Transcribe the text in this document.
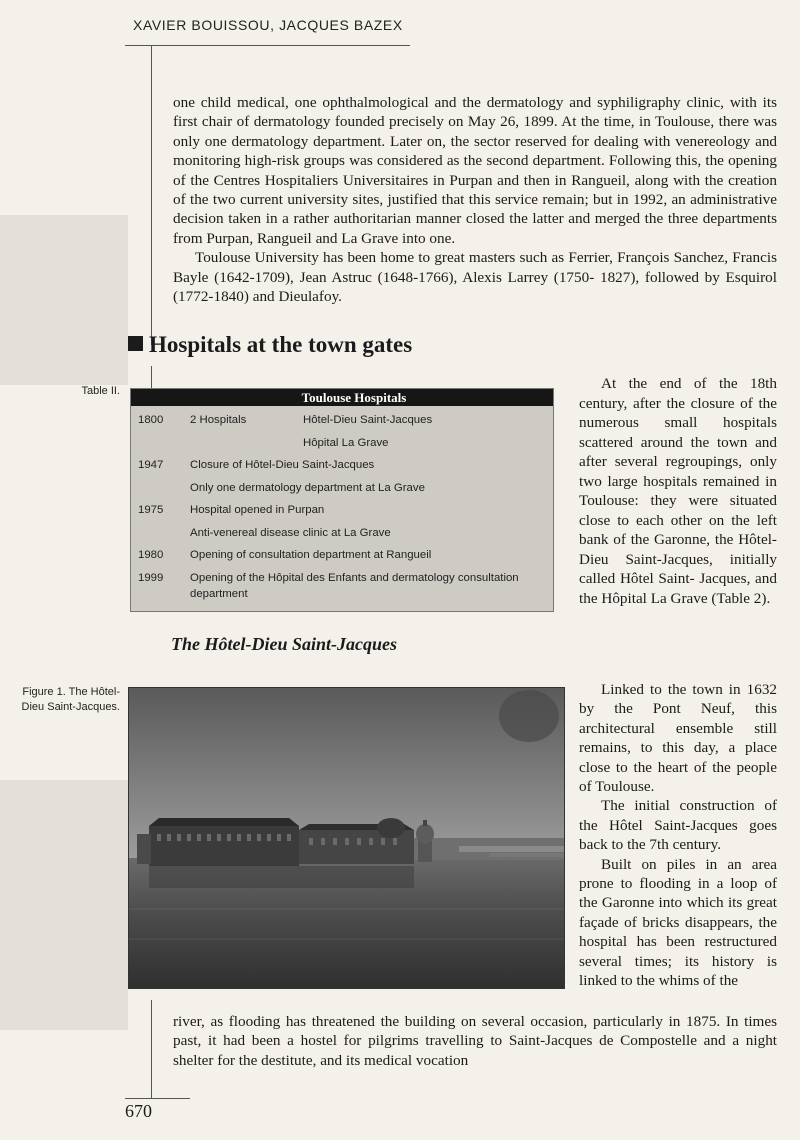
XAVIER BOUISSOU, JACQUES BAZEX

one child medical, one ophthalmological and the dermatology and syphiligraphy clinic, with its first chair of dermatology founded precisely on May 26, 1899. At the time, in Toulouse, there was only one dermatology department. Later on, the sector reserved for dealing with venereology and monitoring high-risk groups was considered as the second department. Following this, the opening of the Centres Hospitaliers Universitaires in Purpan and then in Rangueil, along with the creation of the two current university sites, justified that this service remain; but in 1992, an administrative decision taken in a rather authoritarian manner closed the latter and merged the three departments from Purpan, Rangueil and La Grave into one.

Toulouse University has been home to great masters such as Ferrier, François Sanchez, Francis Bayle (1642-1709), Jean Astruc (1648-1766), Alexis Larrey (1750- 1827), followed by Esquirol (1772-1840) and Dieulafoy.

Hospitals at the town gates
Table II.	Toulouse Hospitals
1800 2 Hospitals	Hôtel-Dieu Saint-Jacques
Hôpital La Grave
1947 Closure of Hôtel-Dieu Saint-Jacques
Only one dermatology department at La Grave
1975 Hospital opened in Purpan
Anti-venereal disease clinic at La Grave
1980 Opening of consultation department at Rangueil
1999 Opening of the Hôpital des Enfants and dermatology consultation
department

At the end of the 18th century, after the closure of the numerous small hospitals scattered around the town and after several regroupings, only two large hospitals remained in Toulouse: they were situated close to each other on the left bank of the Garonne, the Hôtel-Dieu Saint-Jacques, initially called Hôtel Saint- Jacques, and the Hôpital La Grave (Table 2).

Linked to the town in 1632 by the Pont Neuf, this architectural ensemble still remains, to this day, a place close to the heart of the people of Toulouse.

The initial construction of the Hôtel Saint-Jacques goes back to the 7th century.

Built on piles in an area prone to flooding in a loop of the Garonne into which its great façade of bricks disappears, the hospital has been restructured several times; its history is linked to the whims of the

The Hôtel-Dieu Saint-Jacques
Figure 1. The Hôtel-
Dieu Saint-Jacques.

river, as flooding has threatened the building on several occasion, particularly in 1875. In times past, it had been a hostel for pilgrims travelling to Saint-Jacques de Compostelle and a night shelter for the destitute, and its medical vocation

670
